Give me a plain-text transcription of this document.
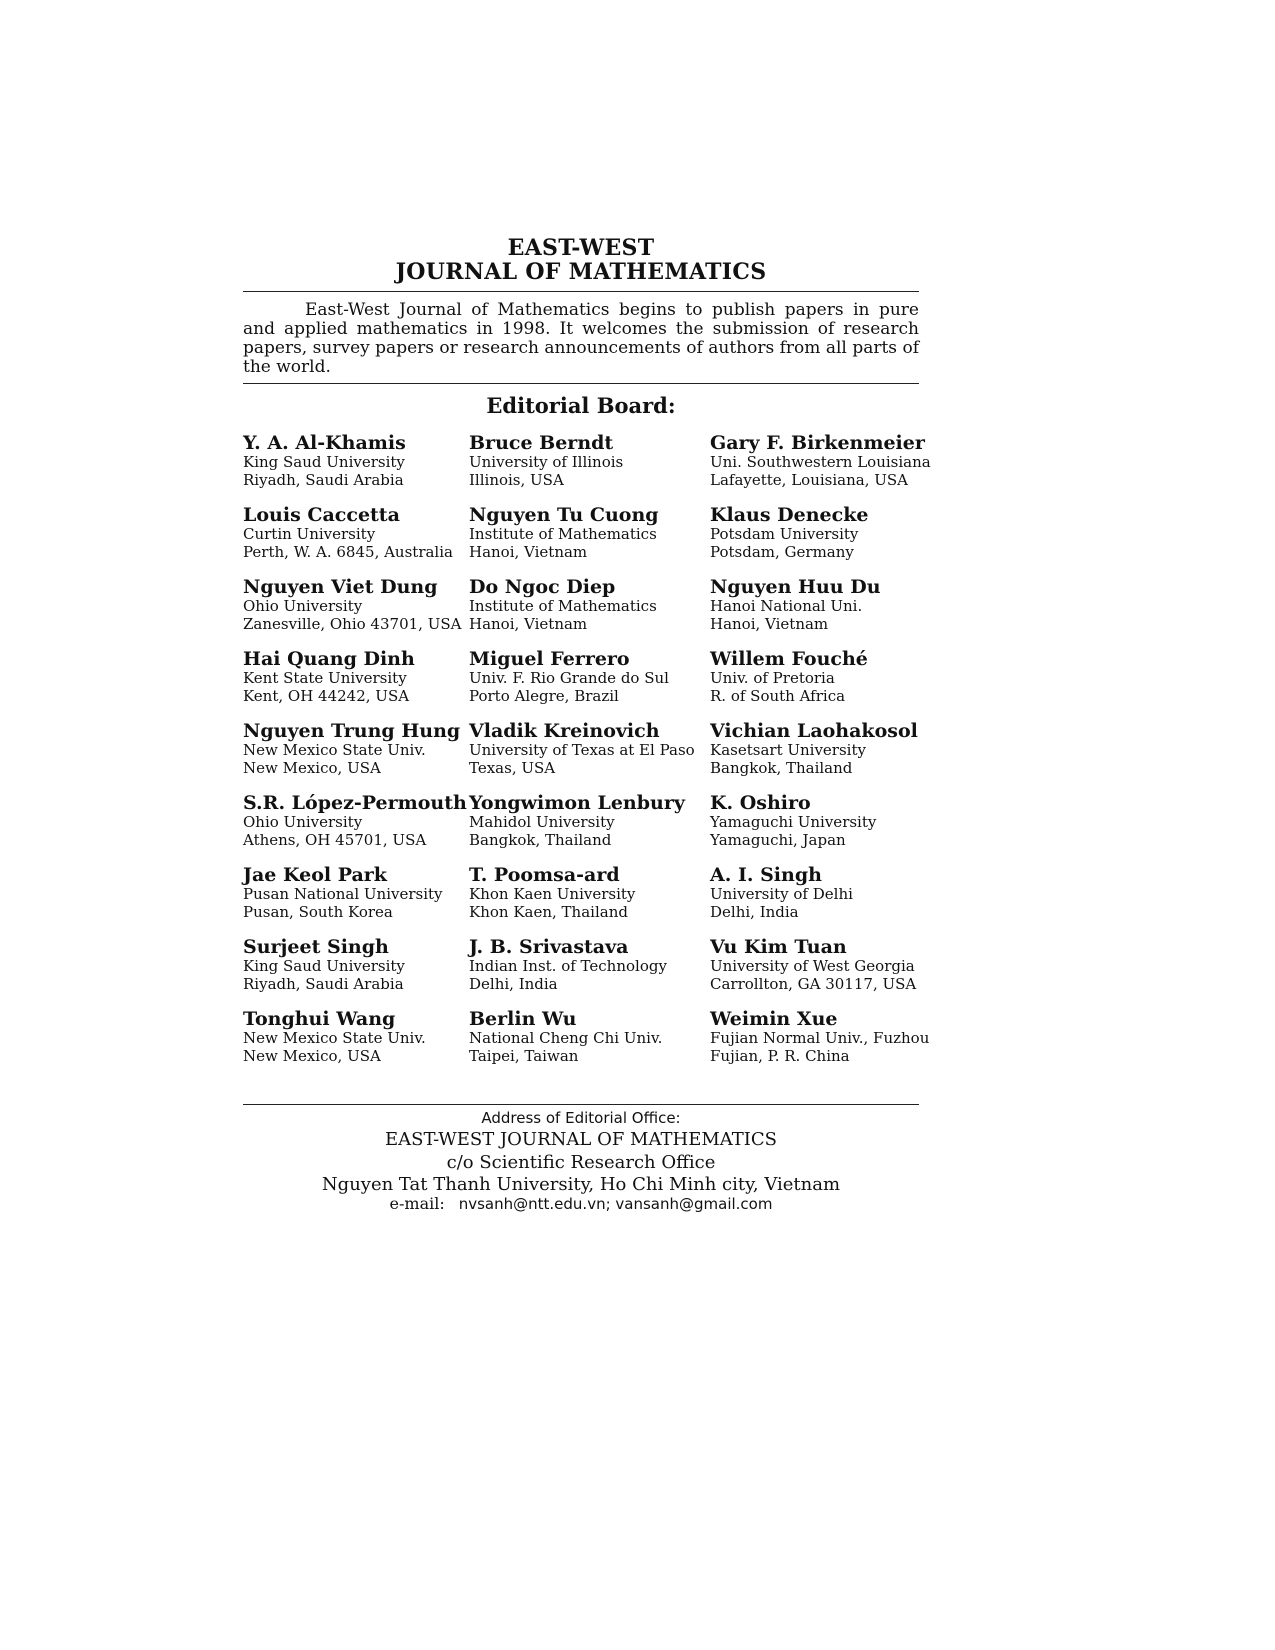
EAST-WEST
JOURNAL OF MATHEMATICS
East-West Journal of Mathematics begins to publish papers in pure and applied mathematics in 1998. It welcomes the submission of research papers, survey papers or research announcements of authors from all parts of the world.
Editorial Board:
Y. A. Al-Khamis
King Saud University
Riyadh, Saudi Arabia
Bruce Berndt
University of Illinois
Illinois, USA
Gary F. Birkenmeier
Uni. Southwestern Louisiana
Lafayette, Louisiana, USA
Louis Caccetta
Curtin University
Perth, W. A. 6845, Australia
Nguyen Tu Cuong
Institute of Mathematics
Hanoi, Vietnam
Klaus Denecke
Potsdam University
Potsdam, Germany
Nguyen Viet Dung
Ohio University
Zanesville, Ohio 43701, USA
Do Ngoc Diep
Institute of Mathematics
Hanoi, Vietnam
Nguyen Huu Du
Hanoi National Uni.
Hanoi, Vietnam
Hai Quang Dinh
Kent State University
Kent, OH 44242, USA
Miguel Ferrero
Univ. F. Rio Grande do Sul
Porto Alegre, Brazil
Willem Fouché
Univ. of Pretoria
R. of South Africa
Nguyen Trung Hung
New Mexico State Univ.
New Mexico, USA
Vladik Kreinovich
University of Texas at El Paso
Texas, USA
Vichian Laohakosol
Kasetsart University
Bangkok, Thailand
S.R. López-Permouth
Ohio University
Athens, OH 45701, USA
Yongwimon Lenbury
Mahidol University
Bangkok, Thailand
K. Oshiro
Yamaguchi University
Yamaguchi, Japan
Jae Keol Park
Pusan National University
Pusan, South Korea
T. Poomsa-ard
Khon Kaen University
Khon Kaen, Thailand
A. I. Singh
University of Delhi
Delhi, India
Surjeet Singh
King Saud University
Riyadh, Saudi Arabia
J. B. Srivastava
Indian Inst. of Technology
Delhi, India
Vu Kim Tuan
University of West Georgia
Carrollton, GA 30117, USA
Tonghui Wang
New Mexico State Univ.
New Mexico, USA
Berlin Wu
National Cheng Chi Univ.
Taipei, Taiwan
Weimin Xue
Fujian Normal Univ., Fuzhou
Fujian, P. R. China
Address of Editorial Office:
EAST-WEST JOURNAL OF MATHEMATICS
c/o Scientific Research Office
Nguyen Tat Thanh University, Ho Chi Minh city, Vietnam
e-mail: nvsanh@ntt.edu.vn; vansanh@gmail.com
